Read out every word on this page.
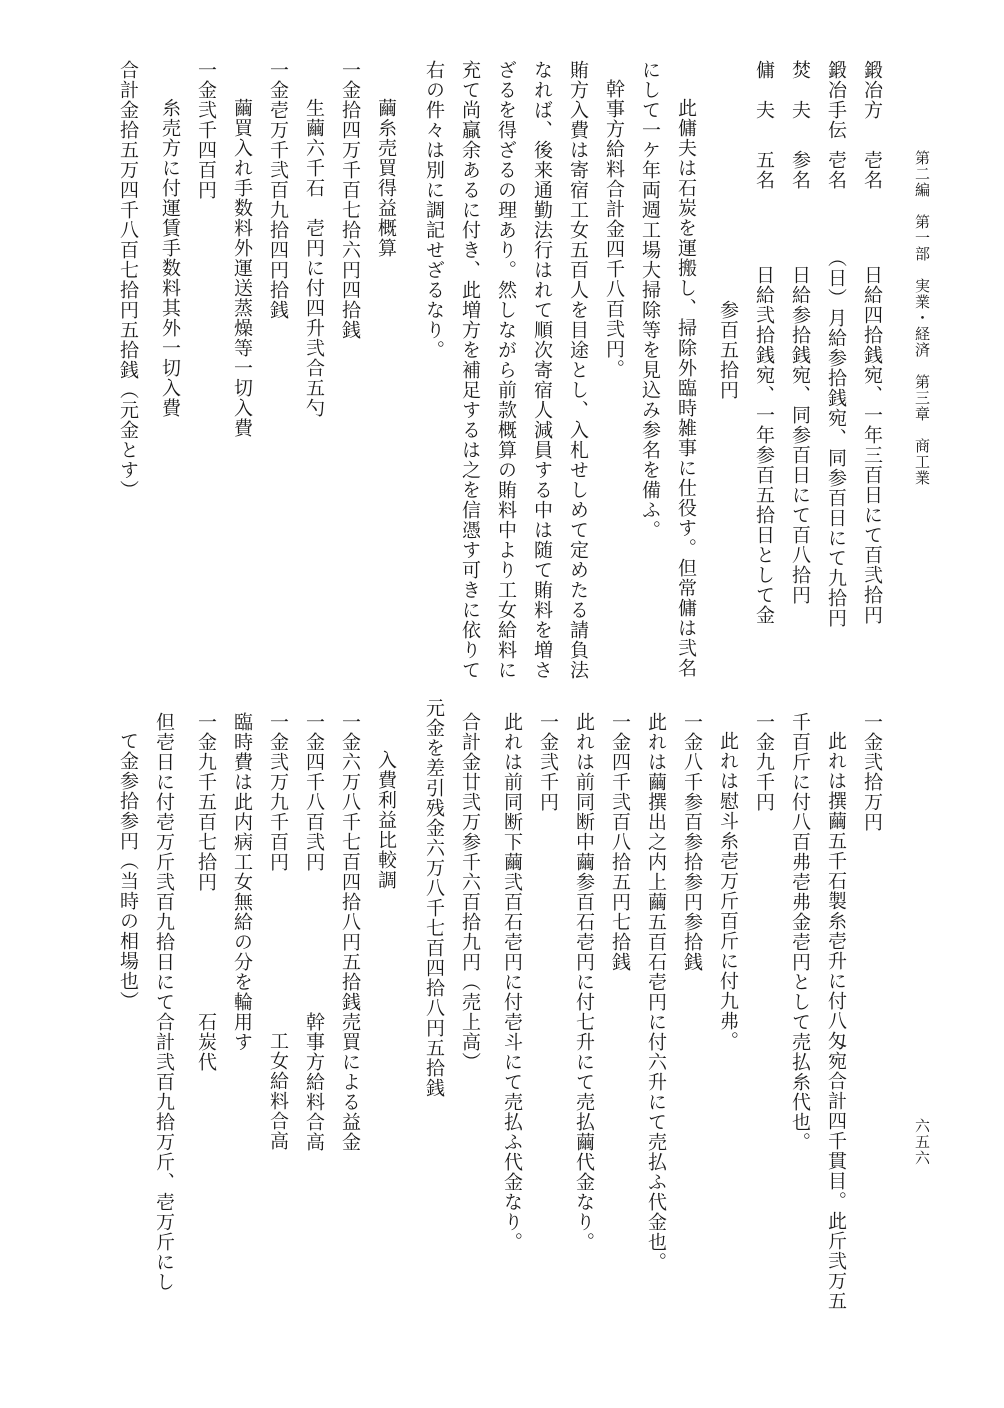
第二編　第一部　実業・経済　第三章　商工業
六五六
鍛冶方
壱名
日給四拾銭宛、一年三百日にて百弐拾円
鍛冶手伝
壱名
（日）月給参拾銭宛、同参百日にて九拾円
焚　夫
参名
日給参拾銭宛、同参百日にて百八拾円
傭　夫
五名
日給弐拾銭宛、一年参百五拾日として金
参百五拾円
此傭夫は石炭を運搬し、掃除外臨時雑事に仕役す。但常傭は弐名
にして一ケ年両週工場大掃除等を見込み参名を備ふ。
幹事方給料合計金四千八百弐円。
賄方入費は寄宿工女五百人を目途とし、入札せしめて定めたる請負法
なれば、後来通勤法行はれて順次寄宿人減員する中は随て賄料を増さ
ざるを得ざるの理あり。然しながら前款概算の賄料中より工女給料に
充て尚贏余あるに付き、此増方を補足するは之を信憑す可きに依りて
右の件々は別に調記せざるなり。
繭糸売買得益概算
一金拾四万千百七拾六円四拾銭
生繭六千石　壱円に付四升弐合五勺
一金壱万千弐百九拾四円拾銭
繭買入れ手数料外運送蒸燥等一切入費
一金弐千四百円
糸売方に付運賃手数料其外一切入費
合計金拾五万四千八百七拾円五拾銭（元金とす）
一金弐拾万円
此れは撰繭五千石製糸壱升に付八匁宛合計四千貫目。此斤弐万五
千百斤に付八百弗壱弗金壱円として売払糸代也。
一金九千円
此れは慰斗糸壱万斤百斤に付九弗。
一金八千参百参拾参円参拾銭
此れは繭撰出之内上繭五百石壱円に付六升にて売払ふ代金也。
一金四千弐百八拾五円七拾銭
此れは前同断中繭参百石壱円に付七升にて売払繭代金なり。
一金弐千円
此れは前同断下繭弐百石壱円に付壱斗にて売払ふ代金なり。
合計金廿弐万参千六百拾九円（売上高）
元金を差引残金六万八千七百四拾八円五拾銭
入費利益比較調
一金六万八千七百四拾八円五拾銭
売買による益金
一金四千八百弐円
幹事方給料合高
一金弐万九千百円
工女給料合高
臨時費は此内病工女無給の分を輪用す
一金九千五百七拾円
石炭代
但壱日に付壱万斤弐百九拾日にて合計弐百九拾万斤、壱万斤にし
て金参拾参円（当時の相場也）
